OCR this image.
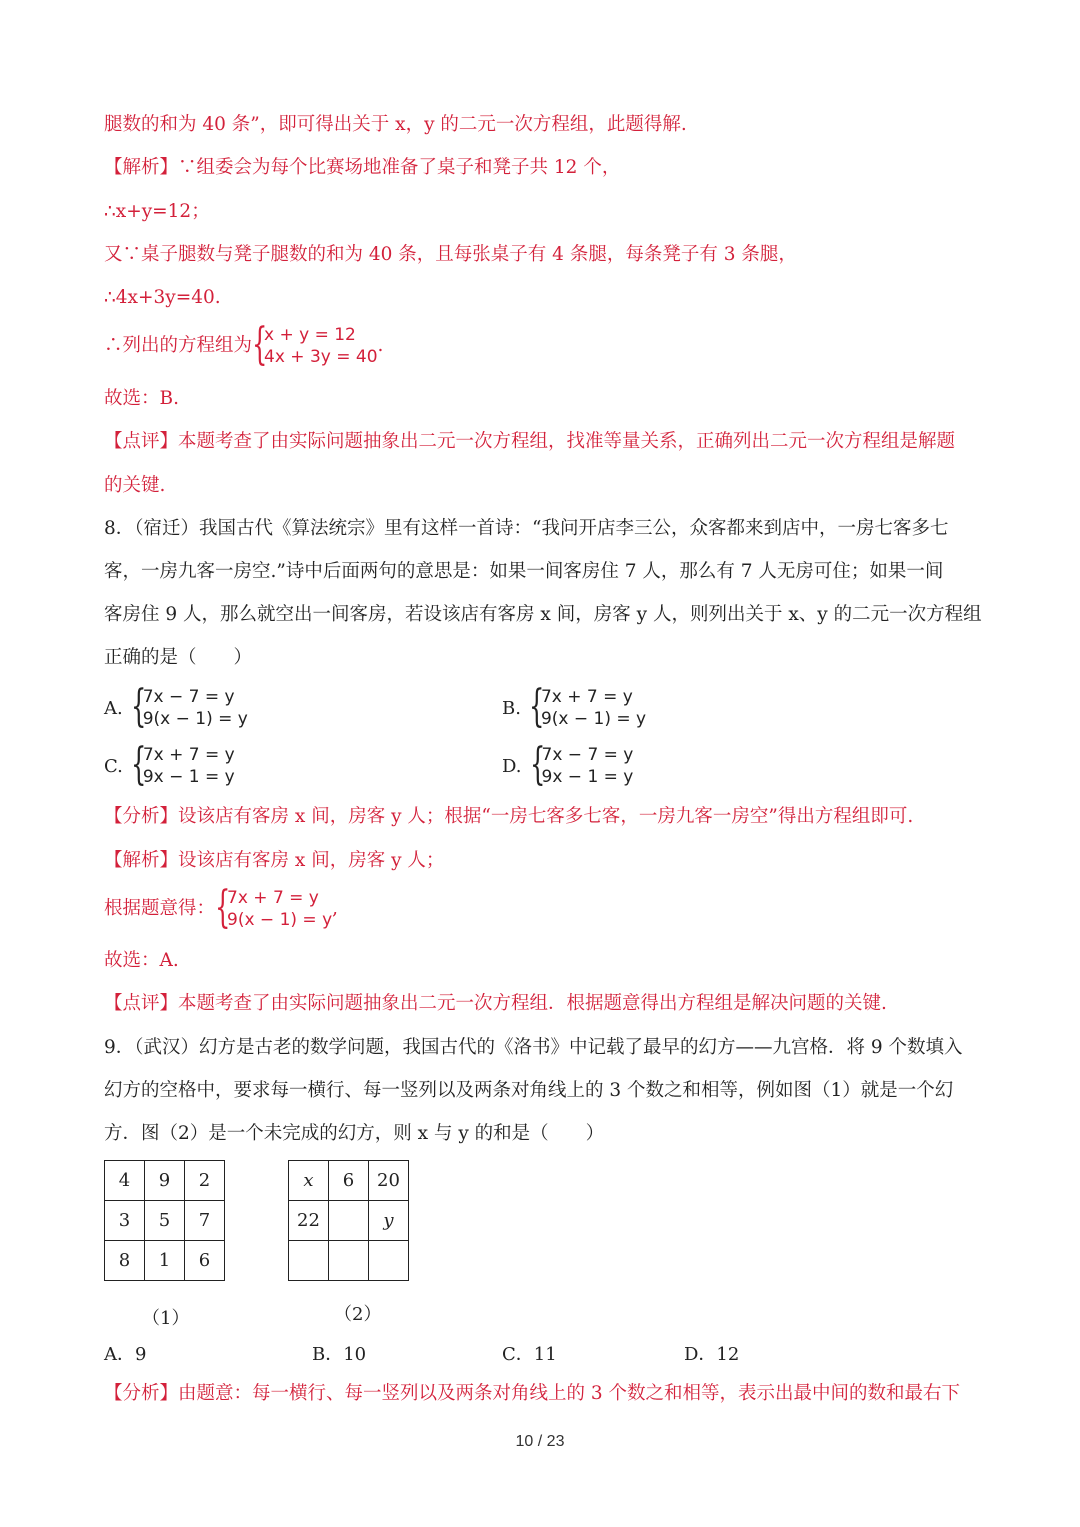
腿数的和为 40 条”，即可得出关于 x，y 的二元一次方程组，此题得解.
【解析】∵组委会为每个比赛场地准备了桌子和凳子共 12 个，
∴x+y=12；
又∵桌子腿数与凳子腿数的和为 40 条，且每张桌子有 4 条腿，每条凳子有 3 条腿，
∴4x+3y=40.
∴列出的方程组为 {
x + y = 12
4x + 3y = 40
.
故选：B.
【点评】本题考查了由实际问题抽象出二元一次方程组，找准等量关系，正确列出二元一次方程组是解题
的关键.
8．（宿迁）我国古代《算法统宗》里有这样一首诗：“我问开店李三公，众客都来到店中，一房七客多七
客，一房九客一房空.”诗中后面两句的意思是：如果一间客房住 7 人，那么有 7 人无房可住；如果一间
客房住 9 人，那么就空出一间客房，若设该店有客房 x 间，房客 y 人，则列出关于 x、y 的二元一次方程组
正确的是（　　）
A. {
7x − 7 = y
9(x − 1) = y
B. {
7x + 7 = y
9(x − 1) = y
C. {
7x + 7 = y
9x − 1 = y
D. {
7x − 7 = y
9x − 1 = y
【分析】设该店有客房 x 间，房客 y 人；根据“一房七客多七客，一房九客一房空”得出方程组即可.
【解析】设该店有客房 x 间，房客 y 人；
根据题意得： {
7x + 7 = y
9(x − 1) = y
,
故选：A.
【点评】本题考查了由实际问题抽象出二元一次方程组．根据题意得出方程组是解决问题的关键.
9．（武汉）幻方是古老的数学问题，我国古代的《洛书》中记载了最早的幻方——九宫格．将 9 个数填入
幻方的空格中，要求每一横行、每一竖列以及两条对角线上的 3 个数之和相等，例如图（1）就是一个幻
方．图（2）是一个未完成的幻方，则 x 与 y 的和是（　　）
4	9	2
3	5	7
8	1	6
（1）
x	6	20
22		y

（2）
A．9	B．10	C．11	D．12
【分析】由题意：每一横行、每一竖列以及两条对角线上的 3 个数之和相等，表示出最中间的数和最右下
10 / 23
